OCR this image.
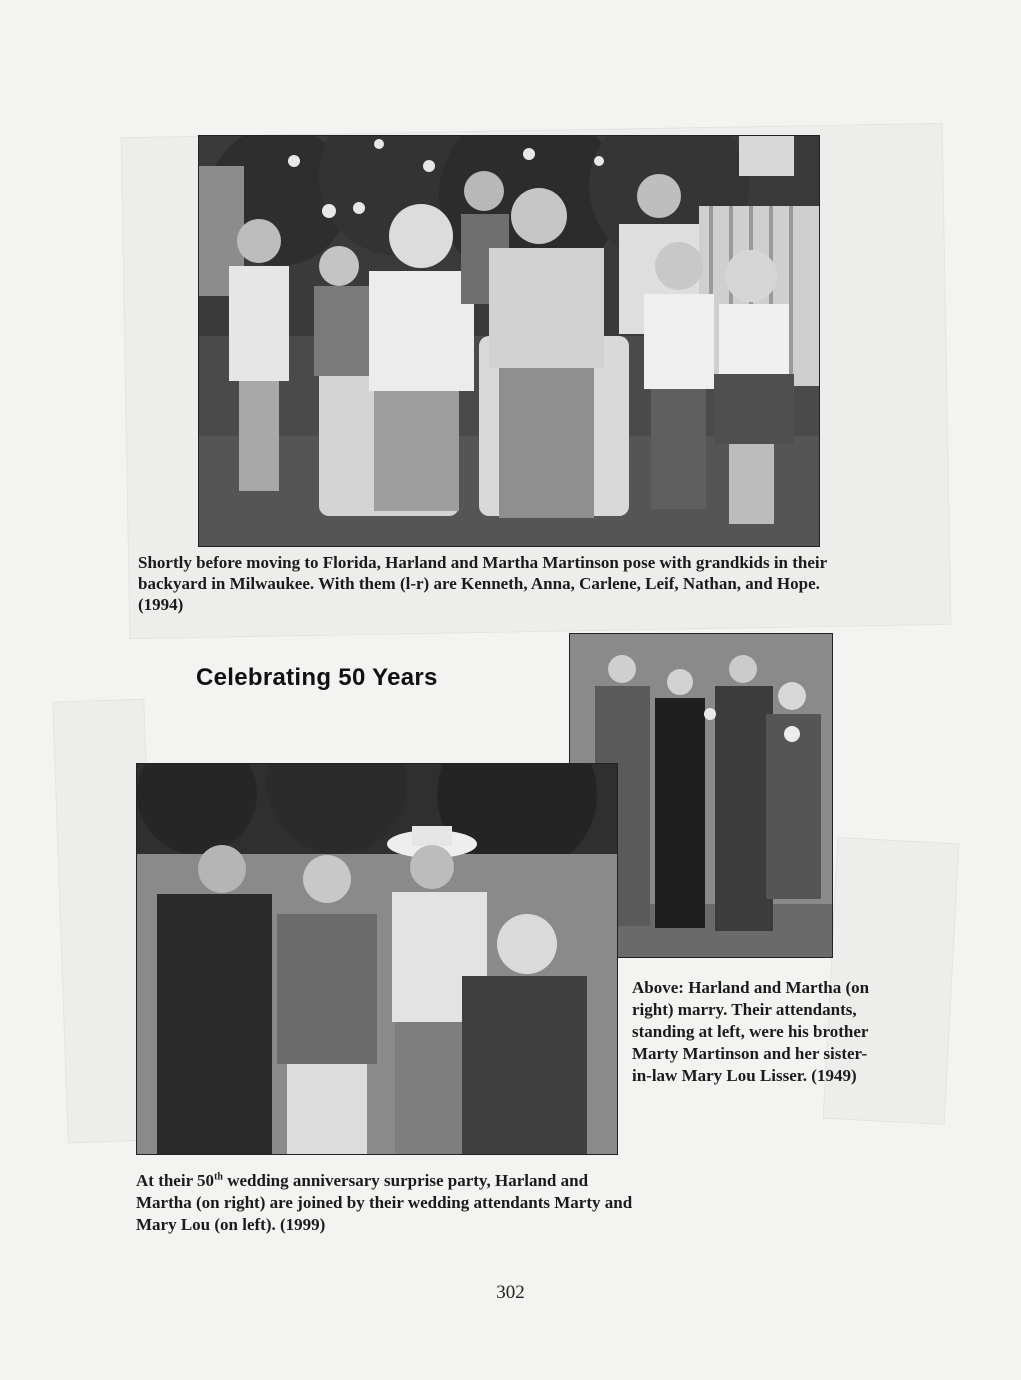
Shortly before moving to Florida, Harland and Martha Martinson pose with grandkids in their backyard in Milwaukee. With them (l-r) are Kenneth, Anna, Carlene, Leif, Nathan, and Hope. (1994)

Celebrating 50 Years

Above: Harland and Martha (on right) marry. Their attendants, standing at left, were his brother Marty Martinson and her sister-in-law Mary Lou Lisser. (1949)

At their 50th wedding anniversary surprise party, Harland and Martha (on right) are joined by their wedding attendants Marty and Mary Lou (on left). (1999)

302
